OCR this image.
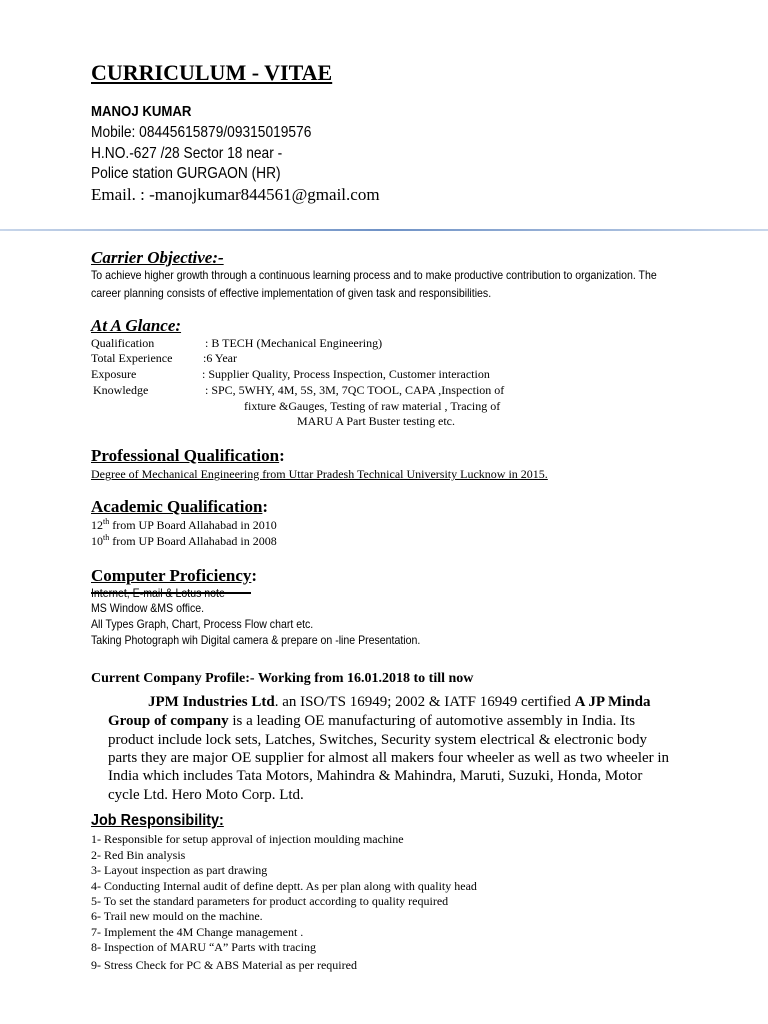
CURRICULUM - VITAE
MANOJ KUMAR
Mobile: 08445615879/09315019576
H.NO.-627 /28 Sector 18 near -
Police station GURGAON (HR)
Email. : -manojkumar844561@gmail.com
Carrier Objective:-
To achieve higher growth through a continuous learning process and to make productive contribution to organization. The
career planning consists of effective implementation of given task and responsibilities.
At A Glance:
Qualification	: B TECH (Mechanical Engineering)
Total Experience	:6 Year
Exposure	: Supplier Quality, Process Inspection, Customer interaction
Knowledge	: SPC, 5WHY, 4M, 5S, 3M, 7QC TOOL, CAPA ,Inspection of
fixture &Gauges, Testing of raw material , Tracing of
MARU A Part Buster testing etc.
Professional Qualification:
Degree of Mechanical Engineering from Uttar Pradesh Technical University Lucknow in 2015.
Academic Qualification:
12th from UP Board Allahabad in 2010
10th from UP Board Allahabad in 2008
Computer Proficiency:
Internet, E-mail & Lotus note
MS Window &MS office.
All Types Graph, Chart, Process Flow chart etc.
Taking Photograph wih Digital camera & prepare on -line Presentation.
Current Company Profile:- Working from 16.01.2018 to till now
JPM Industries Ltd. an ISO/TS 16949; 2002 & IATF 16949 certified A JP Minda
Group of company is a leading OE manufacturing of automotive assembly in India. Its
product include lock sets, Latches, Switches, Security system electrical & electronic body
parts they are major OE supplier for almost all makers four wheeler as well as two wheeler in
India which includes Tata Motors, Mahindra & Mahindra, Maruti, Suzuki, Honda, Motor
cycle Ltd. Hero Moto Corp. Ltd.
Job Responsibility:
1- Responsible for setup approval of injection moulding machine
2- Red Bin analysis
3- Layout inspection as part drawing
4- Conducting Internal audit of define deptt. As per plan along with quality head
5- To set the standard parameters for product according to quality required
6- Trail new mould on the machine.
7- Implement the 4M Change management .
8- Inspection of MARU “A” Parts with tracing
9- Stress Check for PC & ABS Material as per required
